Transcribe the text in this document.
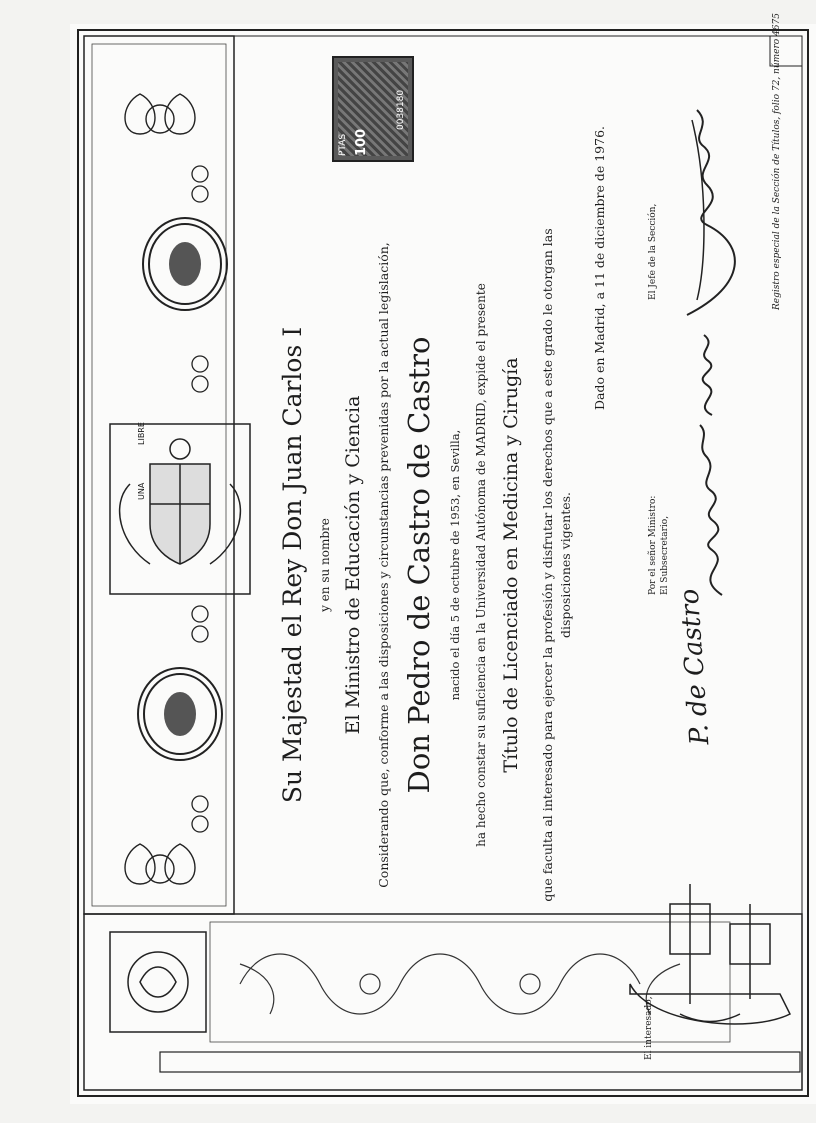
PTAS 100
0038180
Su Majestad el Rey Don Juan Carlos I y en su nombre El Ministro de Educación y Ciencia Considerando que, conforme a las disposiciones y circunstancias prevenidas por la actual legislación, Don Pedro de Castro de Castro nacido el día 5 de octubre de 1953, en Sevilla, ha hecho constar su suficiencia en la Universidad Autónoma de MADRID, expide el presente Título de Licenciado en Medicina y Cirugía que faculta al interesado para ejercer la profesión y disfrutar los derechos que a este grado le otorgan las disposiciones vigentes.
Dado en Madrid, a 11 de diciembre de 1976.
El interesado,
P. de Castro
Por el señor Ministro: El Subsecretario,
El Jefe de la Sección,	Registro especial de la Sección de Títulos, folio 72, número 4675
UNA
LIBRE
